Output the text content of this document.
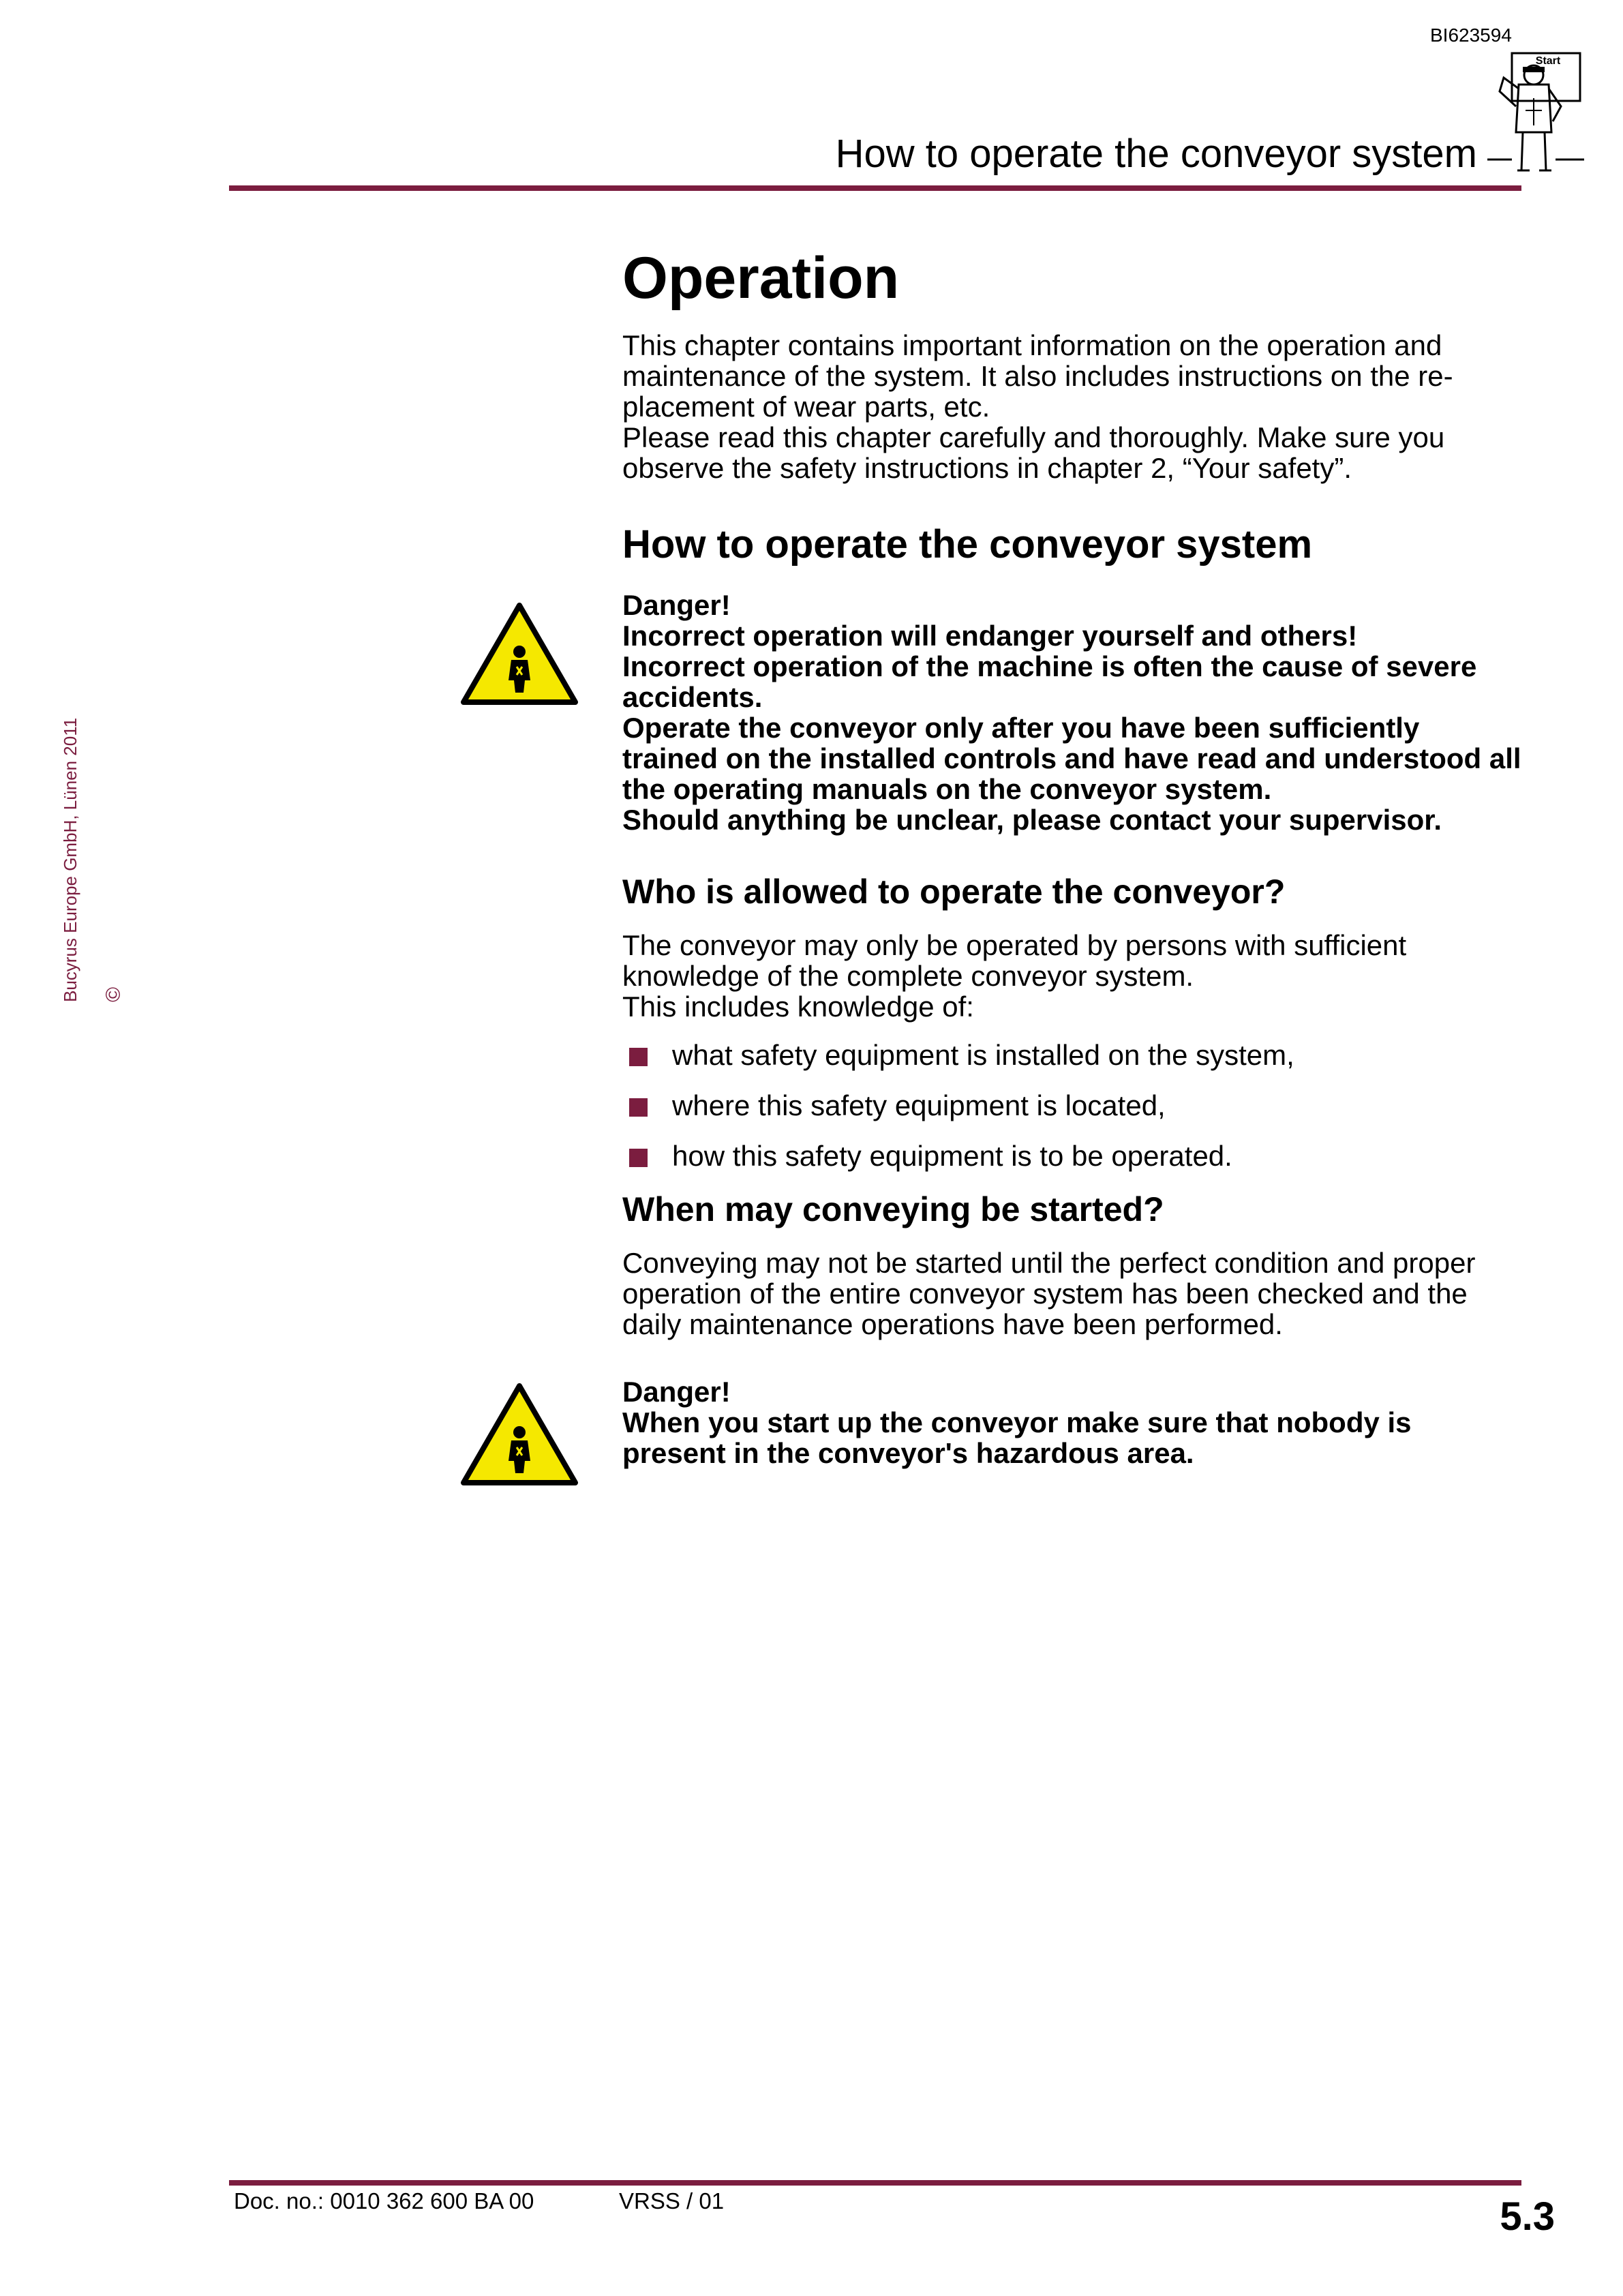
BI623594
Start
How to operate the conveyor system
Bucyrus Europe GmbH, Lünen 2011 ©
Operation

This chapter contains important information on the operation and maintenance of the system. It also includes instructions on the re-placement of wear parts, etc.

Please read this chapter carefully and thoroughly. Make sure you observe the safety instructions in chapter 2, “Your safety”.

How to operate the conveyor system

Danger!

Incorrect operation will endanger yourself and others!

Incorrect operation of the machine is often the cause of severe accidents.

Operate the conveyor only after you have been sufficiently trained on the installed controls and have read and understood all the operating manuals on the conveyor system.

Should anything be unclear, please contact your supervisor.

Who is allowed to operate the conveyor?

The conveyor may only be operated by persons with sufficient knowledge of the complete conveyor system.

This includes knowledge of:

what safety equipment is installed on the system,
where this safety equipment is located,
how this safety equipment is to be operated.
When may conveying be started?

Conveying may not be started until the perfect condition and proper operation of the entire conveyor system has been checked and the daily maintenance operations have been performed.

Danger!

When you start up the conveyor make sure that nobody is present in the conveyor's hazardous area.

Doc. no.: 0010 362 600 BA 00	VRSS / 01	5.3
